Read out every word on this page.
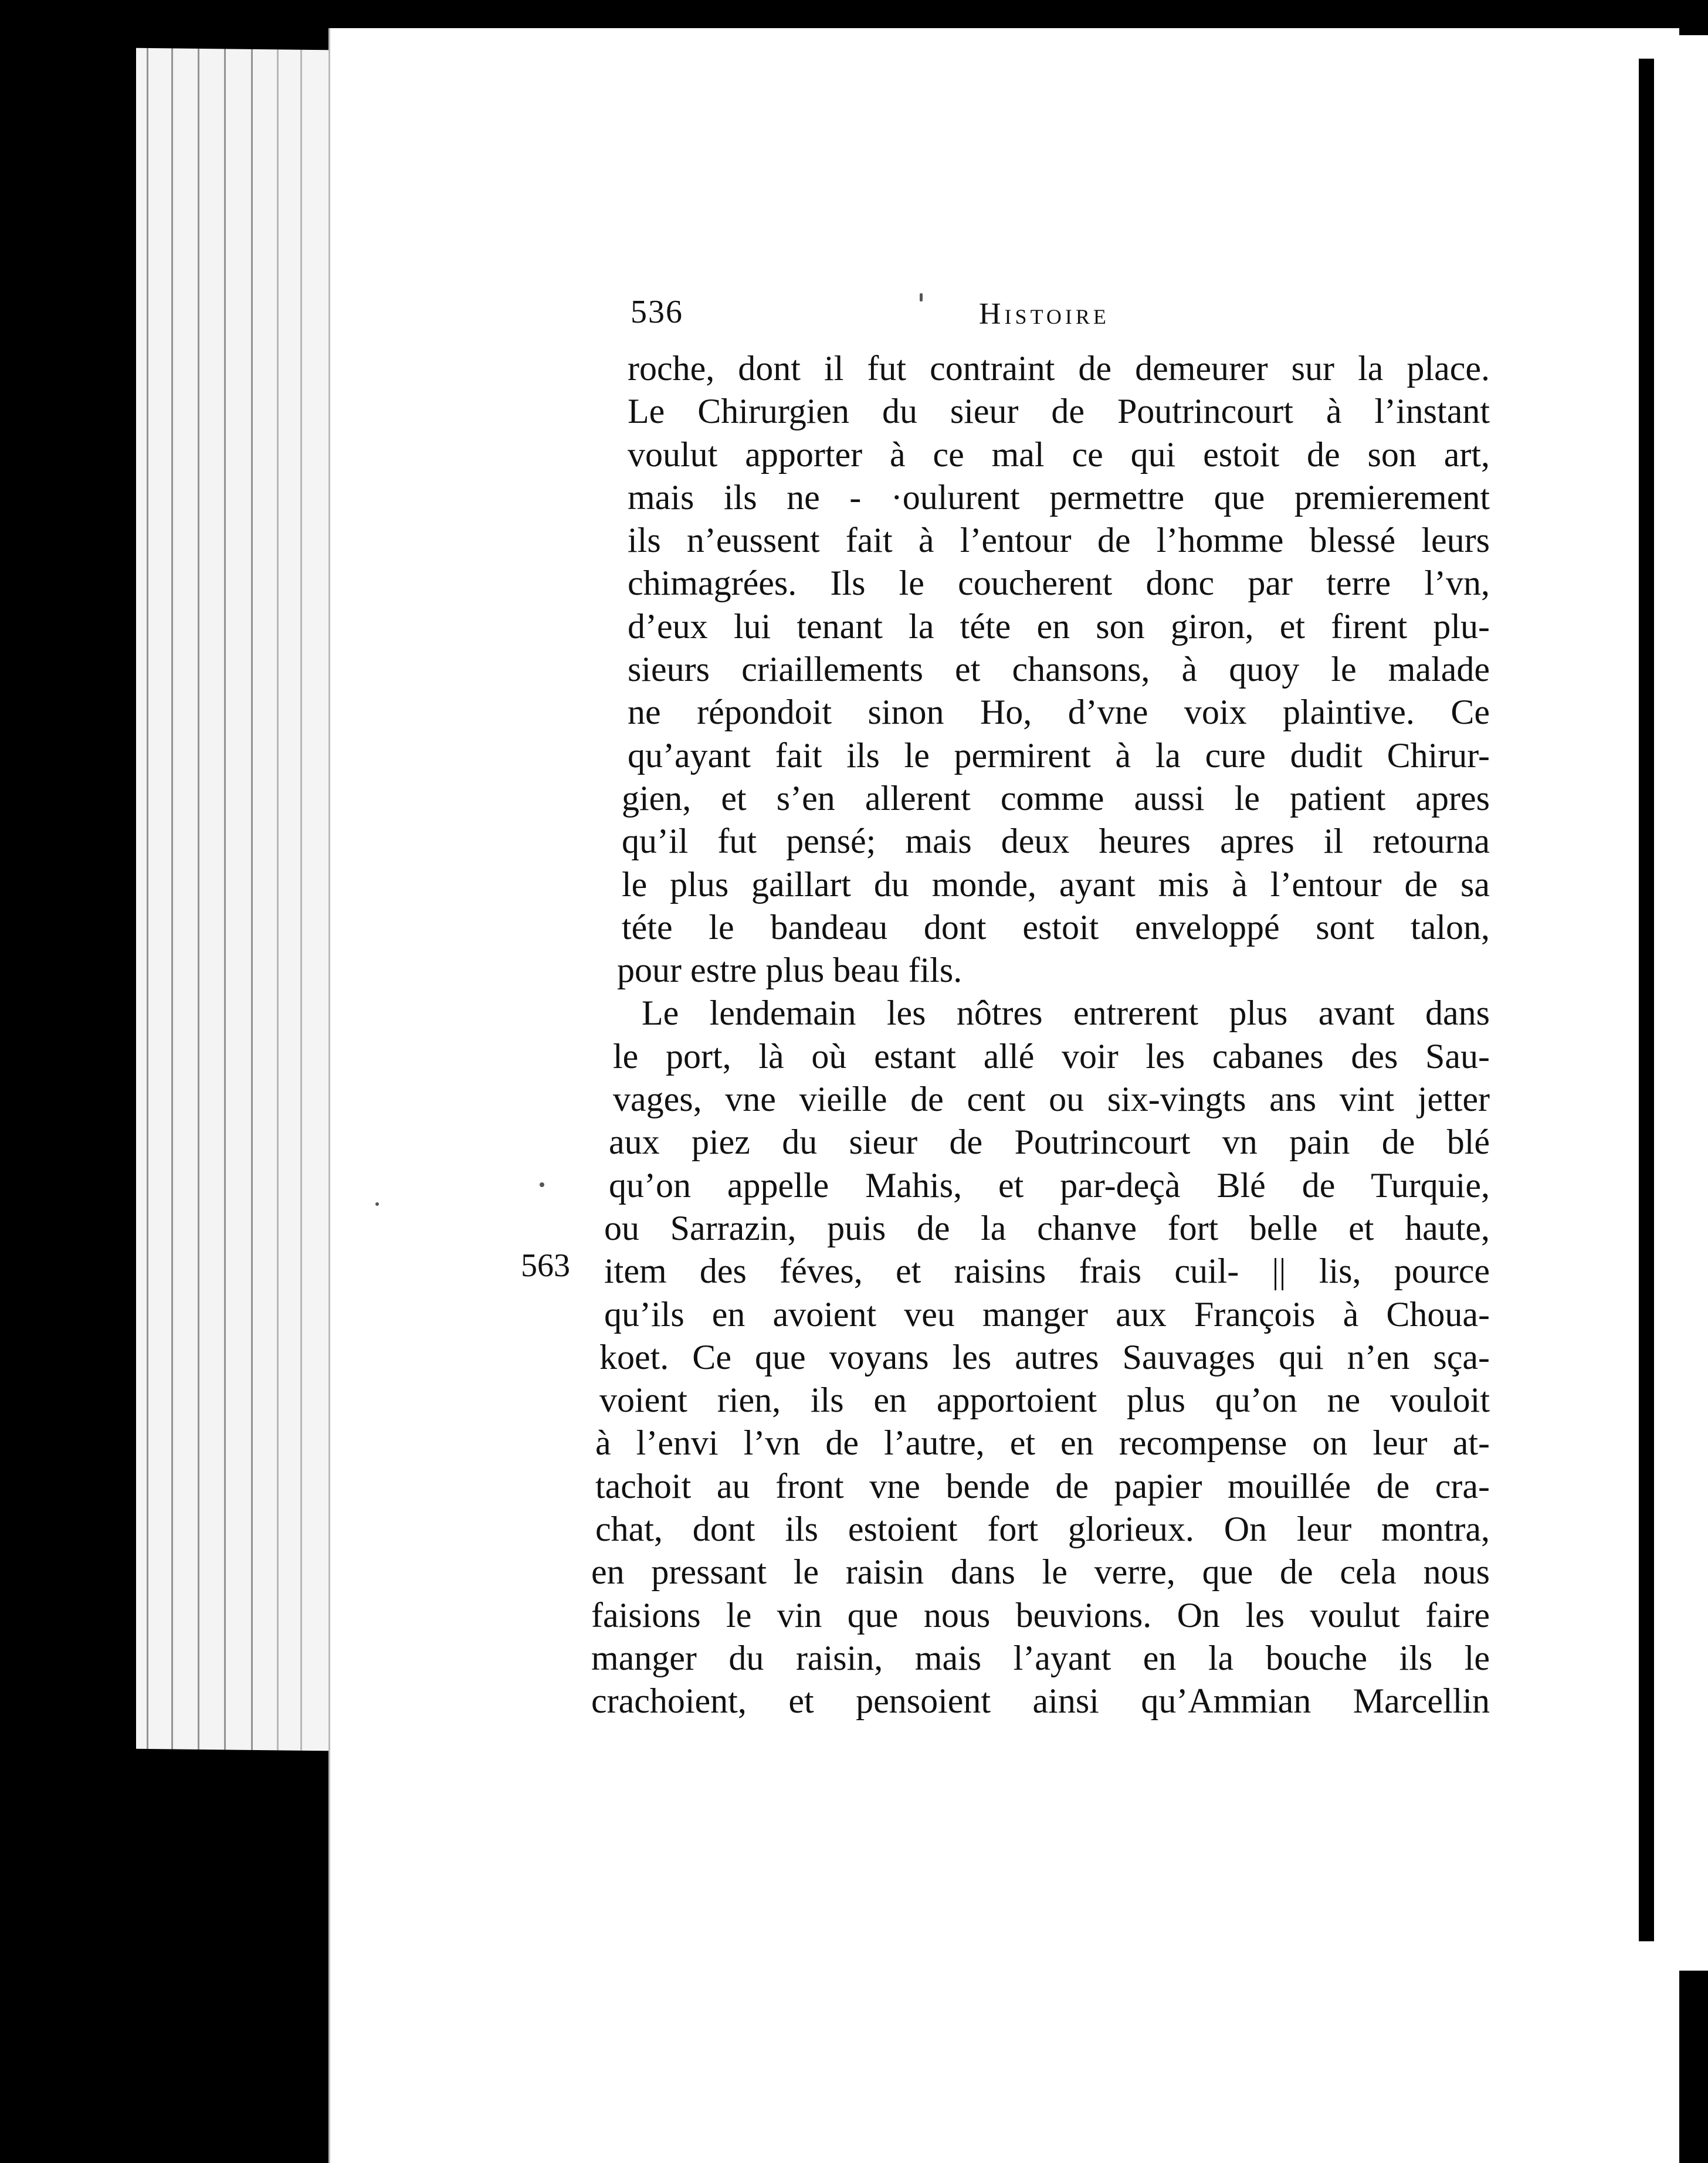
536	Histoire
563
roche, dont il fut contraint de demeurer sur la place.
Le Chirurgien du sieur de Poutrincourt à l’instant
voulut apporter à ce mal ce qui estoit de son art,
mais ils ne - ·oulurent permettre que premierement
ils n’eussent fait à l’entour de l’homme blessé leurs
chimagrées. Ils le coucherent donc par terre l’vn,
d’eux lui tenant la téte en son giron, et firent plu-
sieurs criaillements et chansons, à quoy le malade
ne répondoit sinon Ho, d’vne voix plaintive. Ce
qu’ayant fait ils le permirent à la cure dudit Chirur-
gien, et s’en allerent comme aussi le patient apres
qu’il fut pensé; mais deux heures apres il retourna
le plus gaillart du monde, ayant mis à l’entour de sa
téte le bandeau dont estoit enveloppé sont talon,
pour estre plus beau fils.
Le lendemain les nôtres entrerent plus avant dans
le port, là où estant allé voir les cabanes des Sau-
vages, vne vieille de cent ou six-vingts ans vint jetter
aux piez du sieur de Poutrincourt vn pain de blé
qu’on appelle Mahis, et par-deçà Blé de Turquie,
ou Sarrazin, puis de la chanve fort belle et haute,
item des féves, et raisins frais cuil- || lis, pource
qu’ils en avoient veu manger aux François à Choua-
koet. Ce que voyans les autres Sauvages qui n’en sça-
voient rien, ils en apportoient plus qu’on ne vouloit
à l’envi l’vn de l’autre, et en recompense on leur at-
tachoit au front vne bende de papier mouillée de cra-
chat, dont ils estoient fort glorieux. On leur montra,
en pressant le raisin dans le verre, que de cela nous
faisions le vin que nous beuvions. On les voulut faire
manger du raisin, mais l’ayant en la bouche ils le
crachoient, et pensoient ainsi qu’Ammian Marcellin
